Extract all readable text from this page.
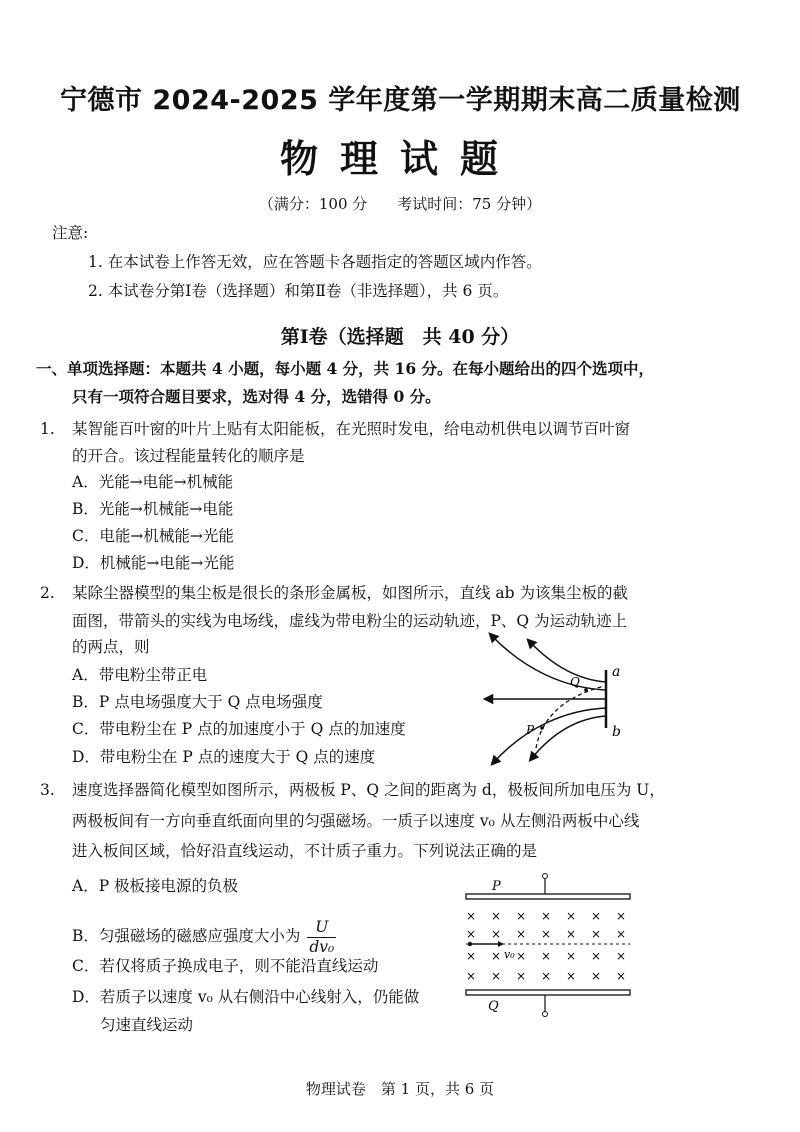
宁德市 2024-2025 学年度第一学期期末高二质量检测
物理试题
（满分：100 分　　考试时间：75 分钟）
注意:
1. 在本试卷上作答无效，应在答题卡各题指定的答题区域内作答。
2. 本试卷分第Ⅰ卷（选择题）和第Ⅱ卷（非选择题），共 6 页。
第Ⅰ卷（选择题　共 40 分）
一、单项选择题：本题共 4 小题，每小题 4 分，共 16 分。在每小题给出的四个选项中，
只有一项符合题目要求，选对得 4 分，选错得 0 分。
1. 某智能百叶窗的叶片上贴有太阳能板，在光照时发电，给电动机供电以调节百叶窗
的开合。该过程能量转化的顺序是
A．光能→电能→机械能
B．光能→机械能→电能
C．电能→机械能→光能
D．机械能→电能→光能
2. 某除尘器模型的集尘板是很长的条形金属板，如图所示，直线 ab 为该集尘板的截
面图，带箭头的实线为电场线，虚线为带电粉尘的运动轨迹，P、Q 为运动轨迹上
的两点，则
A．带电粉尘带正电
B．P 点电场强度大于 Q 点电场强度
C．带电粉尘在 P 点的加速度小于 Q 点的加速度
D．带电粉尘在 P 点的速度大于 Q 点的速度
a
b
P
Q
3. 速度选择器简化模型如图所示，两极板 P、Q 之间的距离为 d，极板间所加电压为 U，
两极板间有一方向垂直纸面向里的匀强磁场。一质子以速度 v₀ 从左侧沿两板中心线
进入板间区域，恰好沿直线运动，不计质子重力。下列说法正确的是
A．P 极板接电源的负极
B．匀强磁场的磁感应强度大小为 $\frac{U}{\text{dv₀}}$
C．若仅将质子换成电子，则不能沿直线运动
D．若质子以速度 v₀ 从右侧沿中心线射入，仍能做
匀速直线运动
P
Q
× × × × × × ×
× × × × × × ×
× × × × × × ×
× × × × × × ×
v₀
物理试卷　第 1 页，共 6 页
